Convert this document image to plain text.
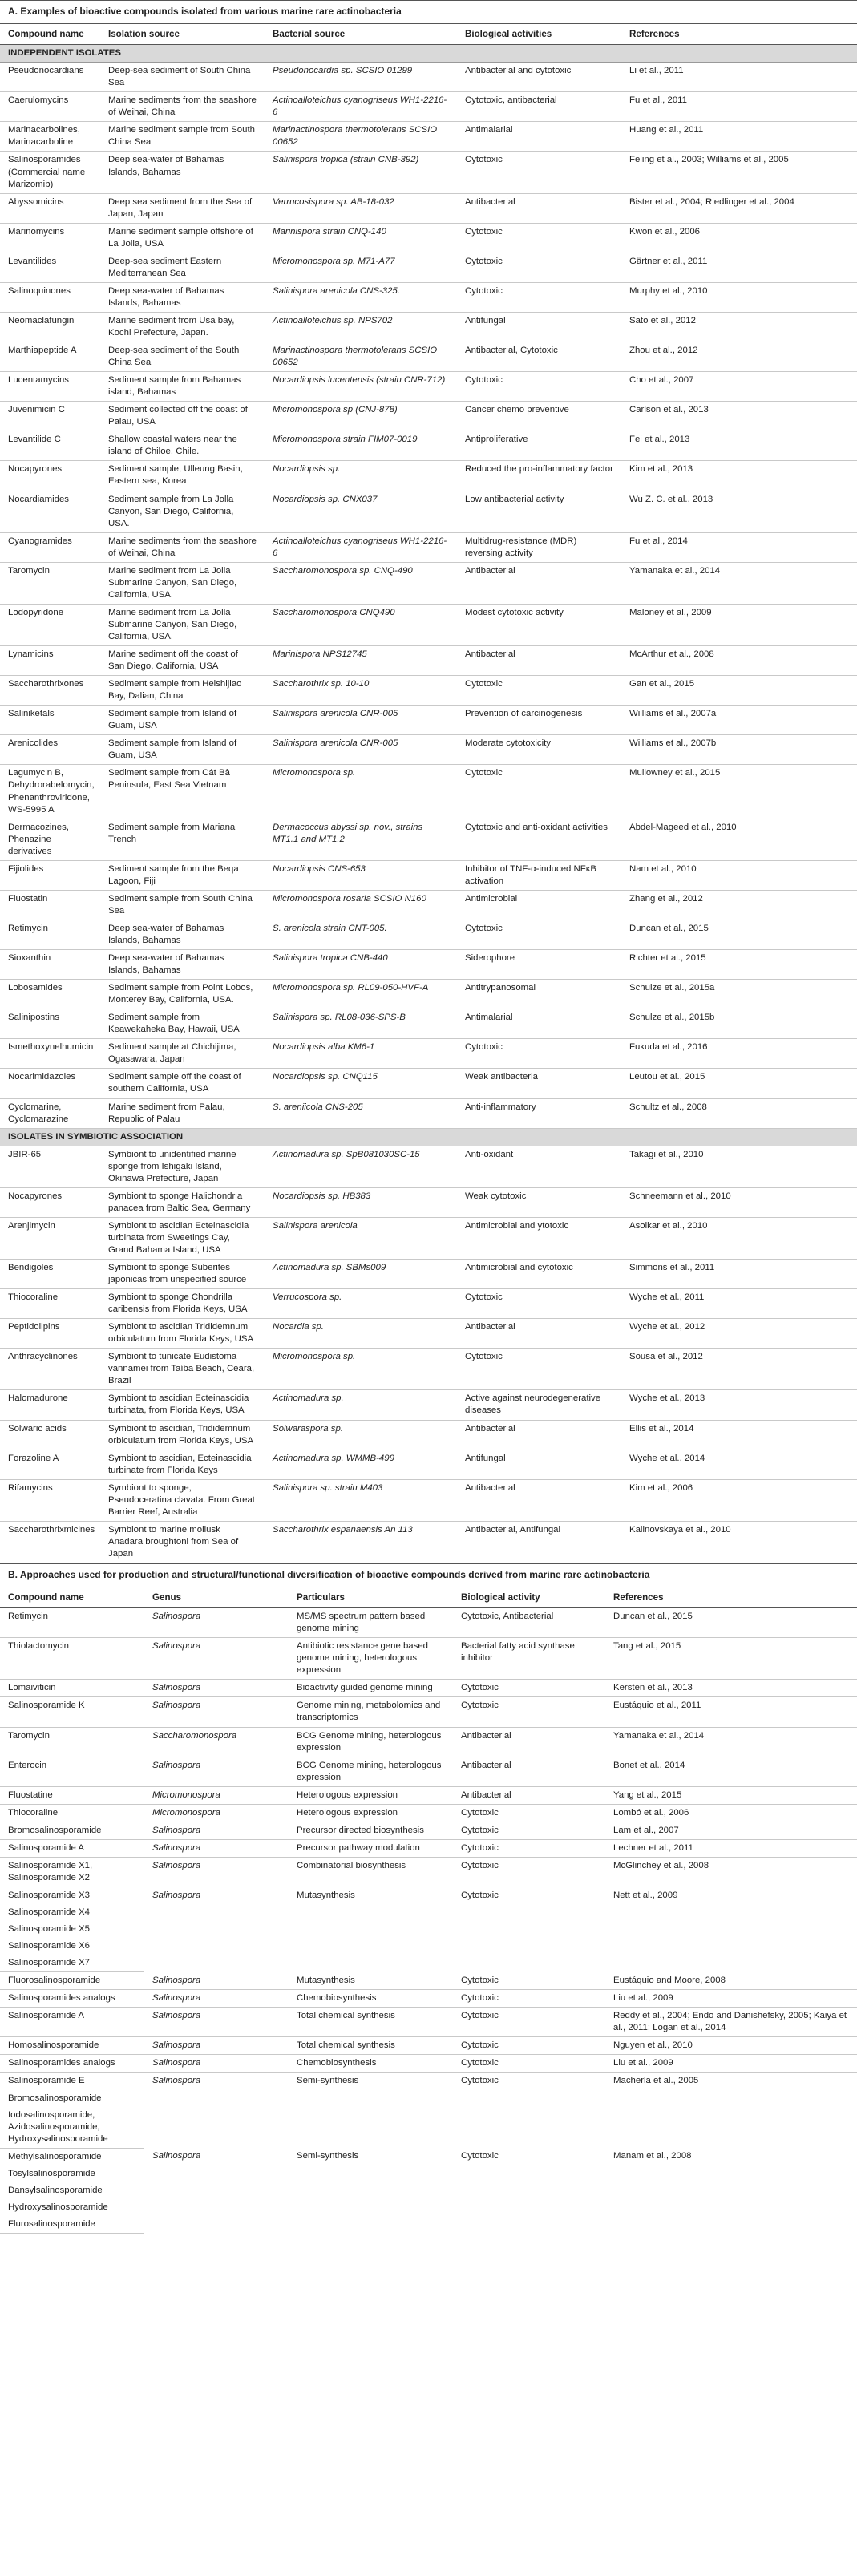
A. Examples of bioactive compounds isolated from various marine rare actinobacteria
Compound name	Isolation source	Bacterial source	Biological activities	References
INDEPENDENT ISOLATES				
Pseudonocardians	Deep-sea sediment of South China Sea	Pseudonocardia sp. SCSIO 01299	Antibacterial and cytotoxic	Li et al., 2011
Caerulomycins	Marine sediments from the seashore of Weihai, China	Actinoalloteichus cyanogriseus WH1-2216-6	Cytotoxic, antibacterial	Fu et al., 2011
Marinacarbolines, Marinacarboline	Marine sediment sample from South China Sea	Marinactinospora thermotolerans SCSIO 00652	Antimalarial	Huang et al., 2011
Salinosporamides (Commercial name Marizomib)	Deep sea-water of Bahamas Islands, Bahamas	Salinispora tropica (strain CNB-392)	Cytotoxic	Feling et al., 2003; Williams et al., 2005
Abyssomicins	Deep sea sediment from the Sea of Japan, Japan	Verrucosispora sp. AB-18-032	Antibacterial	Bister et al., 2004; Riedlinger et al., 2004
Marinomycins	Marine sediment sample offshore of La Jolla, USA	Marinispora strain CNQ-140	Cytotoxic	Kwon et al., 2006
Levantilides	Deep-sea sediment Eastern Mediterranean Sea	Micromonospora sp. M71-A77	Cytotoxic	Gärtner et al., 2011
Salinoquinones	Deep sea-water of Bahamas Islands, Bahamas	Salinispora arenicola CNS-325.	Cytotoxic	Murphy et al., 2010
Neomaclafungin	Marine sediment from Usa bay, Kochi Prefecture, Japan.	Actinoalloteichus sp. NPS702	Antifungal	Sato et al., 2012
Marthiapeptide A	Deep-sea sediment of the South China Sea	Marinactinospora thermotolerans SCSIO 00652	Antibacterial, Cytotoxic	Zhou et al., 2012
Lucentamycins	Sediment sample from Bahamas island, Bahamas	Nocardiopsis lucentensis (strain CNR-712)	Cytotoxic	Cho et al., 2007
Juvenimicin C	Sediment collected off the coast of Palau, USA	Micromonospora sp (CNJ-878)	Cancer chemo preventive	Carlson et al., 2013
Levantilide C	Shallow coastal waters near the island of Chiloe, Chile.	Micromonospora strain FIM07-0019	Antiproliferative	Fei et al., 2013
Nocapyrones	Sediment sample, Ulleung Basin, Eastern sea, Korea	Nocardiopsis sp.	Reduced the pro-inflammatory factor	Kim et al., 2013
Nocardiamides	Sediment sample from La Jolla Canyon, San Diego, California, USA.	Nocardiopsis sp. CNX037	Low antibacterial activity	Wu Z. C. et al., 2013
Cyanogramides	Marine sediments from the seashore of Weihai, China	Actinoalloteichus cyanogriseus WH1-2216-6	Multidrug-resistance (MDR) reversing activity	Fu et al., 2014
Taromycin	Marine sediment from La Jolla Submarine Canyon, San Diego, California, USA.	Saccharomonospora sp. CNQ-490	Antibacterial	Yamanaka et al., 2014
Lodopyridone	Marine sediment from La Jolla Submarine Canyon, San Diego, California, USA.	Saccharomonospora CNQ490	Modest cytotoxic activity	Maloney et al., 2009
Lynamicins	Marine sediment off the coast of San Diego, California, USA	Marinispora NPS12745	Antibacterial	McArthur et al., 2008
Saccharothrixones	Sediment sample from Heishijiao Bay, Dalian, China	Saccharothrix sp. 10-10	Cytotoxic	Gan et al., 2015
Saliniketals	Sediment sample from Island of Guam, USA	Salinispora arenicola CNR-005	Prevention of carcinogenesis	Williams et al., 2007a
Arenicolides	Sediment sample from Island of Guam, USA	Salinispora arenicola CNR-005	Moderate cytotoxicity	Williams et al., 2007b
Lagumycin B, Dehydrorabelomycin, Phenanthroviridone, WS-5995 A	Sediment sample from Cát Bà Peninsula, East Sea Vietnam	Micromonospora sp.	Cytotoxic	Mullowney et al., 2015
Dermacozines, Phenazine derivatives	Sediment sample from Mariana Trench	Dermacoccus abyssi sp. nov., strains MT1.1 and MT1.2	Cytotoxic and anti-oxidant activities	Abdel-Mageed et al., 2010
Fijiolides	Sediment sample from the Beqa Lagoon, Fiji	Nocardiopsis CNS-653	Inhibitor of TNF-α-induced NFκB activation	Nam et al., 2010
Fluostatin	Sediment sample from South China Sea	Micromonospora rosaria SCSIO N160	Antimicrobial	Zhang et al., 2012
Retimycin	Deep sea-water of Bahamas Islands, Bahamas	S. arenicola strain CNT-005.	Cytotoxic	Duncan et al., 2015
Sioxanthin	Deep sea-water of Bahamas Islands, Bahamas	Salinispora tropica CNB-440	Siderophore	Richter et al., 2015
Lobosamides	Sediment sample from Point Lobos, Monterey Bay, California, USA.	Micromonospora sp. RL09-050-HVF-A	Antitrypanosomal	Schulze et al., 2015a
Salinipostins	Sediment sample from Keawekaheka Bay, Hawaii, USA	Salinispora sp. RL08-036-SPS-B	Antimalarial	Schulze et al., 2015b
Ismethoxynelhumicin	Sediment sample at Chichijima, Ogasawara, Japan	Nocardiopsis alba KM6-1	Cytotoxic	Fukuda et al., 2016
Nocarimidazoles	Sediment sample off the coast of southern California, USA	Nocardiopsis sp. CNQ115	Weak antibacteria	Leutou et al., 2015
Cyclomarine, Cyclomarazine	Marine sediment from Palau, Republic of Palau	S. areniicola CNS-205	Anti-inflammatory	Schultz et al., 2008
ISOLATES IN SYMBIOTIC ASSOCIATION				
JBIR-65	Symbiont to unidentified marine sponge from Ishigaki Island, Okinawa Prefecture, Japan	Actinomadura sp. SpB081030SC-15	Anti-oxidant	Takagi et al., 2010
Nocapyrones	Symbiont to sponge Halichondria panacea from Baltic Sea, Germany	Nocardiopsis sp. HB383	Weak cytotoxic	Schneemann et al., 2010
Arenjimycin	Symbiont to ascidian Ecteinascidia turbinata from Sweetings Cay, Grand Bahama Island, USA	Salinispora arenicola	Antimicrobial and ytotoxic	Asolkar et al., 2010
Bendigoles	Symbiont to sponge Suberites japonicas from unspecified source	Actinomadura sp. SBMs009	Antimicrobial and cytotoxic	Simmons et al., 2011
Thiocoraline	Symbiont to sponge Chondrilla caribensis from Florida Keys, USA	Verrucospora sp.	Cytotoxic	Wyche et al., 2011
Peptidolipins	Symbiont to ascidian Trididemnum orbiculatum from Florida Keys, USA	Nocardia sp.	Antibacterial	Wyche et al., 2012
Anthracyclinones	Symbiont to tunicate Eudistoma vannamei from Taíba Beach, Ceará, Brazil	Micromonospora sp.	Cytotoxic	Sousa et al., 2012
Halomadurone	Symbiont to ascidian Ecteinascidia turbinata, from Florida Keys, USA	Actinomadura sp.	Active against neurodegenerative diseases	Wyche et al., 2013
Solwaric acids	Symbiont to ascidian, Trididemnum orbiculatum from Florida Keys, USA	Solwaraspora sp.	Antibacterial	Ellis et al., 2014
Forazoline A	Symbiont to ascidian, Ecteinascidia turbinate from Florida Keys	Actinomadura sp. WMMB-499	Antifungal	Wyche et al., 2014
Rifamycins	Symbiont to sponge, Pseudoceratina clavata. From Great Barrier Reef, Australia	Salinispora sp. strain M403	Antibacterial	Kim et al., 2006
Saccharothrixmicines	Symbiont to marine mollusk Anadara broughtoni from Sea of Japan	Saccharothrix espanaensis An 113	Antibacterial, Antifungal	Kalinovskaya et al., 2010
B. Approaches used for production and structural/functional diversification of bioactive compounds derived from marine rare actinobacteria
Compound name	Genus	Particulars	Biological activity	References
Retimycin	Salinospora	MS/MS spectrum pattern based genome mining	Cytotoxic, Antibacterial	Duncan et al., 2015
Thiolactomycin	Salinospora	Antibiotic resistance gene based genome mining, heterologous expression	Bacterial fatty acid synthase inhibitor	Tang et al., 2015
Lomaiviticin	Salinospora	Bioactivity guided genome mining	Cytotoxic	Kersten et al., 2013
Salinosporamide K	Salinospora	Genome mining, metabolomics and transcriptomics	Cytotoxic	Eustáquio et al., 2011
Taromycin	Saccharomonospora	BCG Genome mining, heterologous expression	Antibacterial	Yamanaka et al., 2014
Enterocin	Salinospora	BCG Genome mining, heterologous expression	Antibacterial	Bonet et al., 2014
Fluostatine	Micromonospora	Heterologous expression	Antibacterial	Yang et al., 2015
Thiocoraline	Micromonospora	Heterologous expression	Cytotoxic	Lombó et al., 2006
Bromosalinosporamide	Salinospora	Precursor directed biosynthesis	Cytotoxic	Lam et al., 2007
Salinosporamide A	Salinospora	Precursor pathway modulation	Cytotoxic	Lechner et al., 2011
Salinosporamide X1, Salinosporamide X2	Salinospora	Combinatorial biosynthesis	Cytotoxic	McGlinchey et al., 2008
Salinosporamide X3	Salinospora	Mutasynthesis	Cytotoxic	Nett et al., 2009
Salinosporamide X4				
Salinosporamide X5				
Salinosporamide X6				
Salinosporamide X7				
Fluorosalinosporamide	Salinospora	Mutasynthesis	Cytotoxic	Eustáquio and Moore, 2008
Salinosporamides analogs	Salinospora	Chemobiosynthesis	Cytotoxic	Liu et al., 2009
Salinosporamide A	Salinospora	Total chemical synthesis	Cytotoxic	Reddy et al., 2004; Endo and Danishefsky, 2005; Kaiya et al., 2011; Logan et al., 2014
Homosalinosporamide	Salinospora	Total chemical synthesis	Cytotoxic	Nguyen et al., 2010
Salinosporamides analogs	Salinospora	Chemobiosynthesis	Cytotoxic	Liu et al., 2009
Salinosporamide E	Salinospora	Semi-synthesis	Cytotoxic	Macherla et al., 2005
Bromosalinosporamide				
Iodosalinosporamide, Azidosalinosporamide, Hydroxysalinosporamide				
Methylsalinosporamide	Salinospora	Semi-synthesis	Cytotoxic	Manam et al., 2008
Tosylsalinosporamide				
Dansylsalinosporamide				
Hydroxysalinosporamide				
Flurosalinosporamide				
